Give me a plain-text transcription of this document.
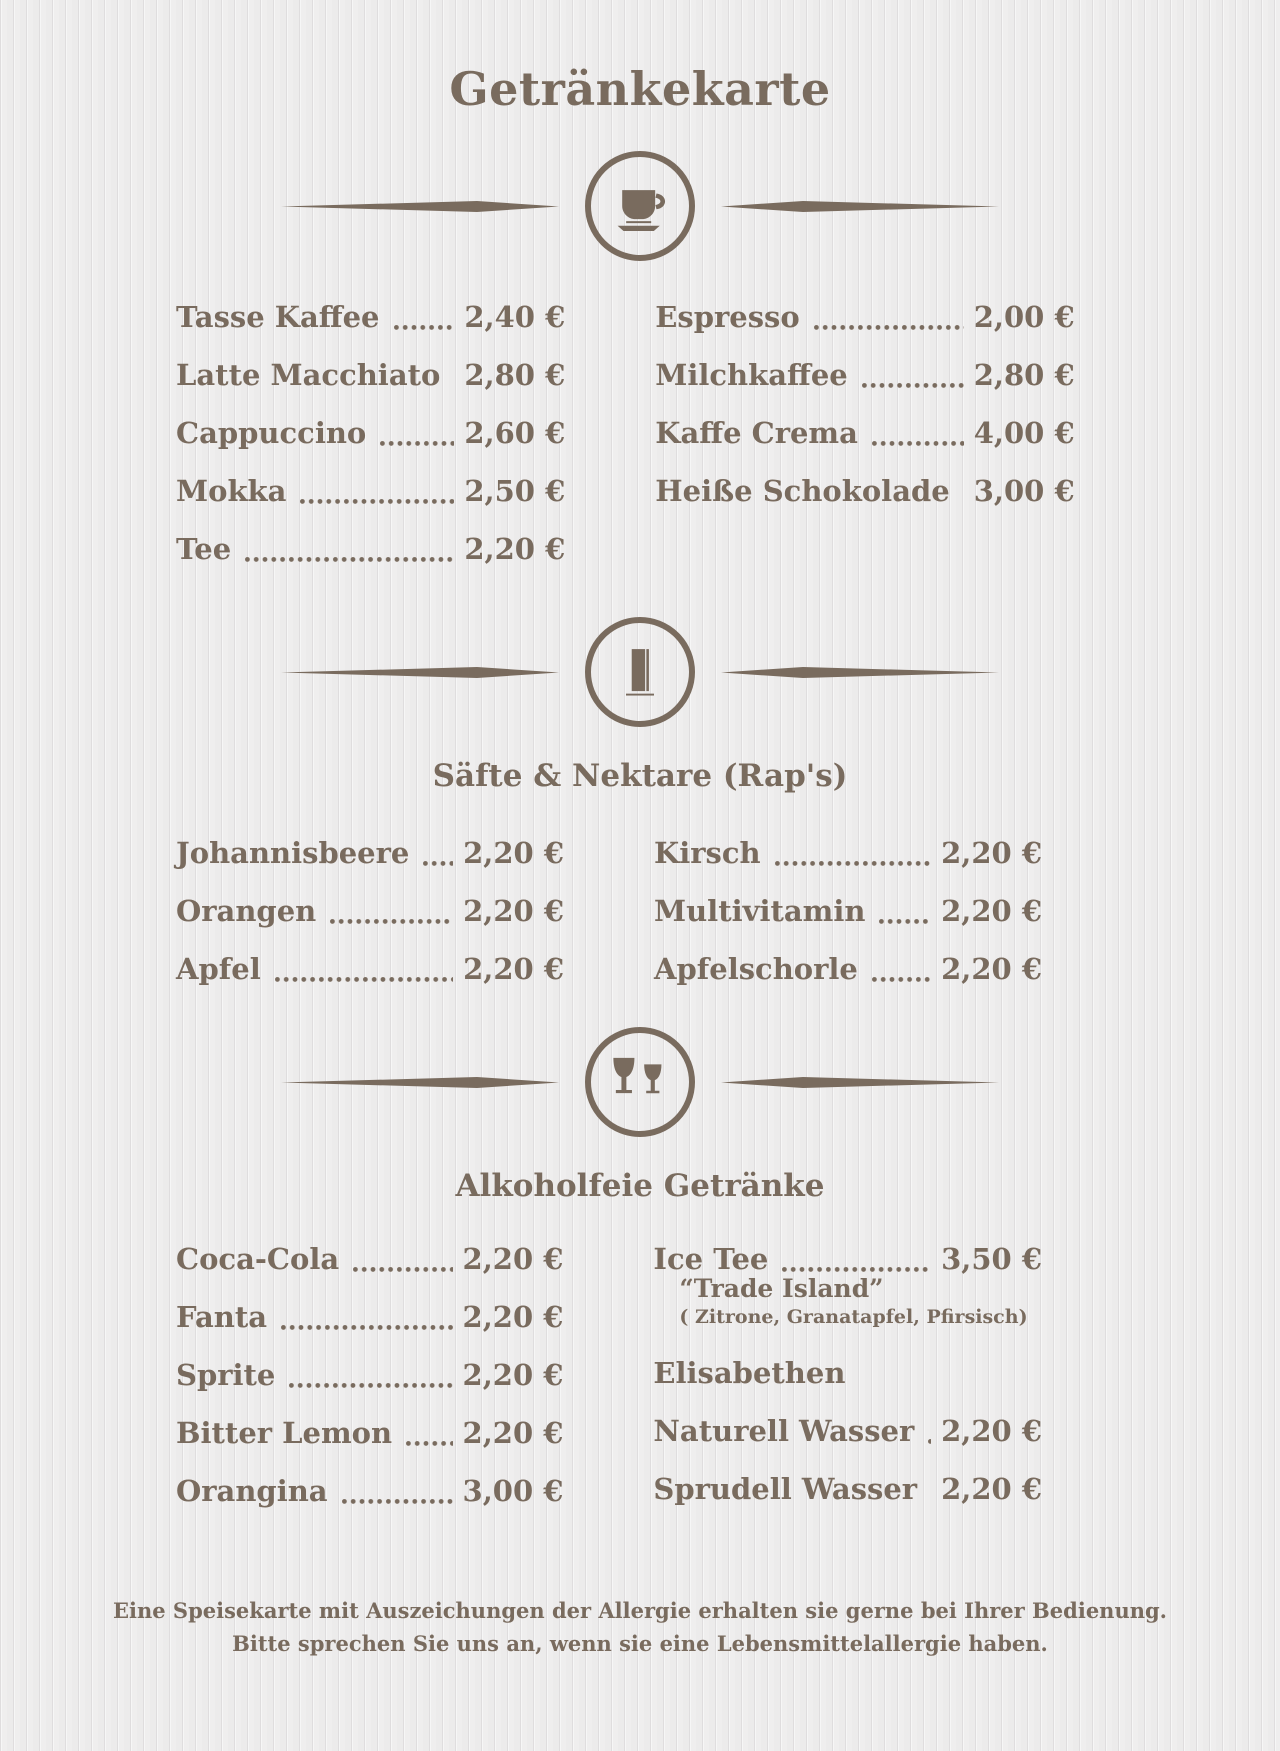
Getränkekarte
Tasse Kaffee	2,40 €
Latte Macchiato 2,80 €
Cappuccino	2,60 €
Mokka	2,50 €
Tee	2,20 €
Espresso	2,00 €
Milchkaffee	2,80 €
Kaffe Crema	4,00 €
Heiße Schokolade 3,00 €
Säfte & Nektare (Rap's)
Johannisbeere 2,20 €
Orangen	2,20 €
Apfel	2,20 €
Kirsch	2,20 €
Multivitamin	2,20 €
Apfelschorle	2,20 €
Alkoholfeie Getränke
Coca-Cola	2,20 €
Fanta	2,20 €
Sprite	2,20 €
Bitter Lemon 2,20 €
Orangina	3,00 €
Ice Tee	3,50 €
“Trade Island”
( Zitrone, Granatapfel, Pfirsisch)
Elisabethen
Naturell Wasser 2,20 €
Sprudell Wasser 2,20 €
Eine Speisekarte mit Auszeichungen der Allergie erhalten sie gerne bei Ihrer Bedienung.
Bitte sprechen Sie uns an, wenn sie eine Lebensmittelallergie haben.
